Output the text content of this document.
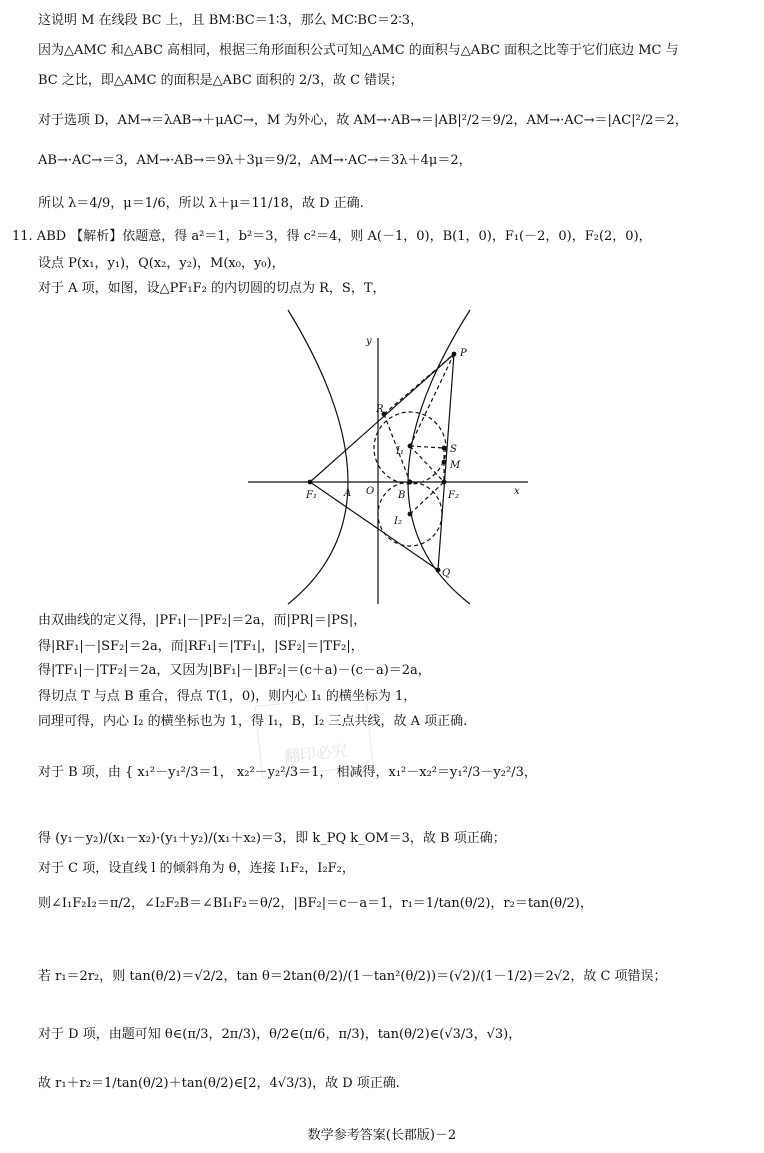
这说明 M 在线段 BC 上，且 BM∶BC＝1∶3，那么 MC∶BC＝2∶3，
因为△AMC 和△ABC 高相同，根据三角形面积公式可知△AMC 的面积与△ABC 面积之比等于它们底边 MC 与
BC 之比，即△AMC 的面积是△ABC 面积的 2/3，故 C 错误；
对于选项 D，AM→＝λAB→＋μAC→，M 为外心，故 AM→·AB→＝|AB|²/2＝9/2，AM→·AC→＝|AC|²/2＝2，
AB→·AC→＝3，AM→·AB→＝9λ＋3μ＝9/2，AM→·AC→＝3λ＋4μ＝2，
所以 λ＝4/9，μ＝1/6，所以 λ＋μ＝11/18，故 D 正确.
11. ABD 【解析】依题意，得 a²＝1，b²＝3，得 c²＝4，则 A(－1，0)，B(1，0)，F₁(－2，0)，F₂(2，0)，
设点 P(x₁，y₁)，Q(x₂，y₂)，M(x₀，y₀)，
对于 A 项，如图，设△PF₁F₂ 的内切圆的切点为 R，S，T，
y
x
P
R
S
M
I₁
I₂
F₁	F₂
A O B
Q
由双曲线的定义得，|PF₁|－|PF₂|＝2a，而|PR|＝|PS|，
得|RF₁|－|SF₂|＝2a，而|RF₁|＝|TF₁|，|SF₂|＝|TF₂|，
得|TF₁|－|TF₂|＝2a，又因为|BF₁|－|BF₂|＝(c＋a)－(c－a)＝2a，
得切点 T 与点 B 重合，得点 T(1，0)，则内心 I₁ 的横坐标为 1，
同理可得，内心 I₂ 的横坐标也为 1，得 I₁，B，I₂ 三点共线，故 A 项正确.
翻印必究
对于 B 项，由 { x₁²－y₁²/3＝1， x₂²－y₂²/3＝1， 相减得，x₁²－x₂²＝y₁²/3－y₂²/3，
得 (y₁－y₂)/(x₁－x₂)·(y₁＋y₂)/(x₁＋x₂)＝3，即 k_PQ k_OM＝3，故 B 项正确；
对于 C 项，设直线 l 的倾斜角为 θ，连接 I₁F₂，I₂F₂，
则∠I₁F₂I₂＝π/2，∠I₂F₂B＝∠BI₁F₂＝θ/2，|BF₂|＝c－a＝1，r₁＝1/tan(θ/2)，r₂＝tan(θ/2)，
若 r₁＝2r₂，则 tan(θ/2)＝√2/2，tan θ＝2tan(θ/2)/(1－tan²(θ/2))＝(√2)/(1－1/2)＝2√2，故 C 项错误；
对于 D 项，由题可知 θ∈(π/3，2π/3)，θ/2∈(π/6，π/3)，tan(θ/2)∈(√3/3，√3)，
故 r₁＋r₂＝1/tan(θ/2)＋tan(θ/2)∈[2，4√3/3)，故 D 项正确.
数学参考答案(长郡版)－2
